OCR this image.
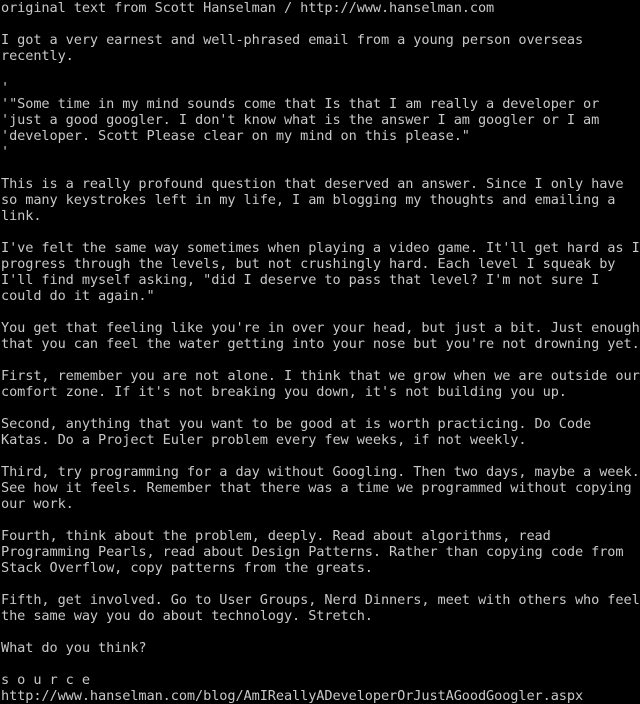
original text from Scott Hanselman / http://www.hanselman.com
I got a very earnest and well-phrased email from a young person overseas
recently.
'
'"Some time in my mind sounds come that Is that I am really a developer or
'just a good googler. I don't know what is the answer I am googler or I am
'developer. Scott Please clear on my mind on this please."
'
This is a really profound question that deserved an answer. Since I only have
so many keystrokes left in my life, I am blogging my thoughts and emailing a
link.
I've felt the same way sometimes when playing a video game. It'll get hard as I
progress through the levels, but not crushingly hard. Each level I squeak by
I'll find myself asking, "did I deserve to pass that level? I'm not sure I
could do it again."
You get that feeling like you're in over your head, but just a bit. Just enough
that you can feel the water getting into your nose but you're not drowning yet.
First, remember you are not alone. I think that we grow when we are outside our
comfort zone. If it's not breaking you down, it's not building you up.
Second, anything that you want to be good at is worth practicing. Do Code
Katas. Do a Project Euler problem every few weeks, if not weekly.
Third, try programming for a day without Googling. Then two days, maybe a week.
See how it feels. Remember that there was a time we programmed without copying
our work.
Fourth, think about the problem, deeply. Read about algorithms, read
Programming Pearls, read about Design Patterns. Rather than copying code from
Stack Overflow, copy patterns from the greats.
Fifth, get involved. Go to User Groups, Nerd Dinners, meet with others who feel
the same way you do about technology. Stretch.
What do you think?
s o u r c e
http://www.hanselman.com/blog/AmIReallyADeveloperOrJustAGoodGoogler.aspx
